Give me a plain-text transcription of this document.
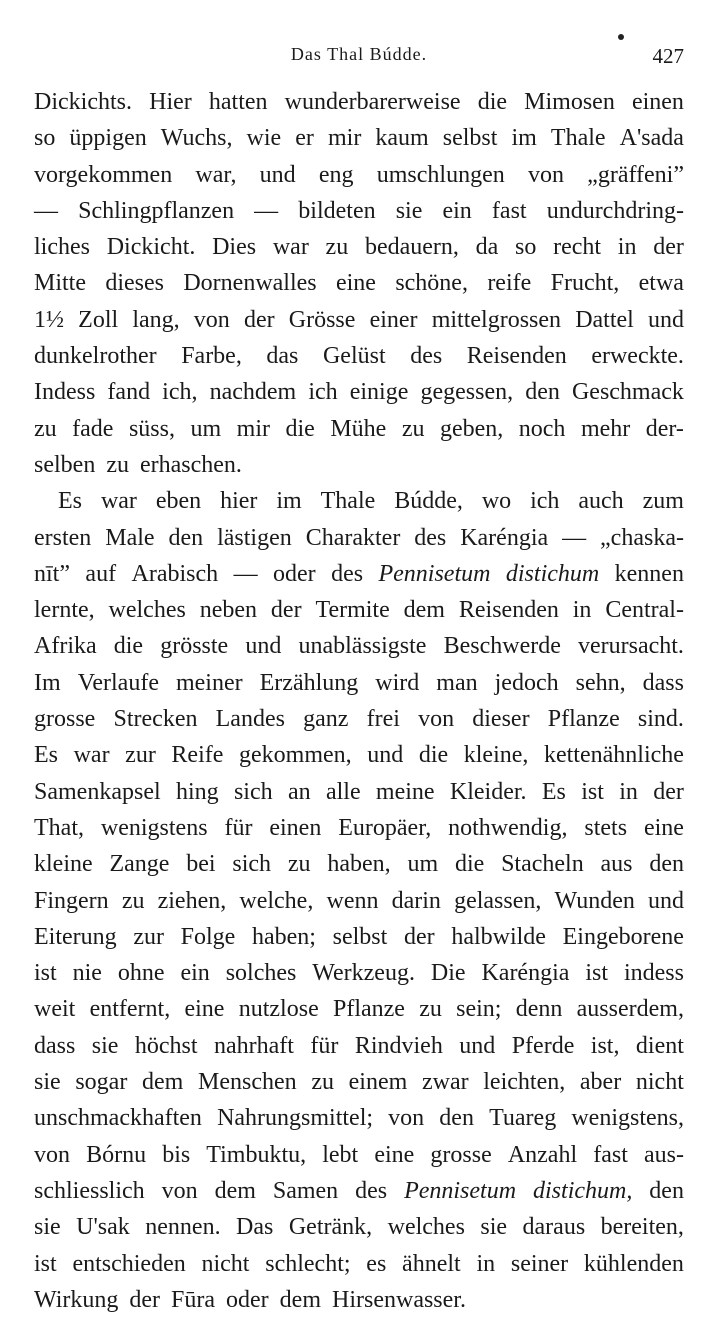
Das Thal Búdde.	427
Dickichts. Hier hatten wunderbarerweise die Mimosen einen
so üppigen Wuchs, wie er mir kaum selbst im Thale A'sada
vorgekommen war, und eng umschlungen von „gräffeni”
— Schlingpflanzen — bildeten sie ein fast undurchdring-
liches Dickicht. Dies war zu bedauern, da so recht in der
Mitte dieses Dornenwalles eine schöne, reife Frucht, etwa
1½ Zoll lang, von der Grösse einer mittelgrossen Dattel und
dunkelrother Farbe, das Gelüst des Reisenden erweckte.
Indess fand ich, nachdem ich einige gegessen, den Geschmack
zu fade süss, um mir die Mühe zu geben, noch mehr der-
selben zu erhaschen.
Es war eben hier im Thale Búdde, wo ich auch zum
ersten Male den lästigen Charakter des Karéngia — „chaska-
nīt” auf Arabisch — oder des Pennisetum distichum kennen
lernte, welches neben der Termite dem Reisenden in Central-
Afrika die grösste und unablässigste Beschwerde verursacht.
Im Verlaufe meiner Erzählung wird man jedoch sehn, dass
grosse Strecken Landes ganz frei von dieser Pflanze sind.
Es war zur Reife gekommen, und die kleine, kettenähnliche
Samenkapsel hing sich an alle meine Kleider. Es ist in der
That, wenigstens für einen Europäer, nothwendig, stets eine
kleine Zange bei sich zu haben, um die Stacheln aus den
Fingern zu ziehen, welche, wenn darin gelassen, Wunden und
Eiterung zur Folge haben; selbst der halbwilde Eingeborene
ist nie ohne ein solches Werkzeug. Die Karéngia ist indess
weit entfernt, eine nutzlose Pflanze zu sein; denn ausserdem,
dass sie höchst nahrhaft für Rindvieh und Pferde ist, dient
sie sogar dem Menschen zu einem zwar leichten, aber nicht
unschmackhaften Nahrungsmittel; von den Tuareg wenigstens,
von Bórnu bis Timbuktu, lebt eine grosse Anzahl fast aus-
schliesslich von dem Samen des Pennisetum distichum, den
sie U'sak nennen. Das Getränk, welches sie daraus bereiten,
ist entschieden nicht schlecht; es ähnelt in seiner kühlenden
Wirkung der Fūra oder dem Hirsenwasser.
